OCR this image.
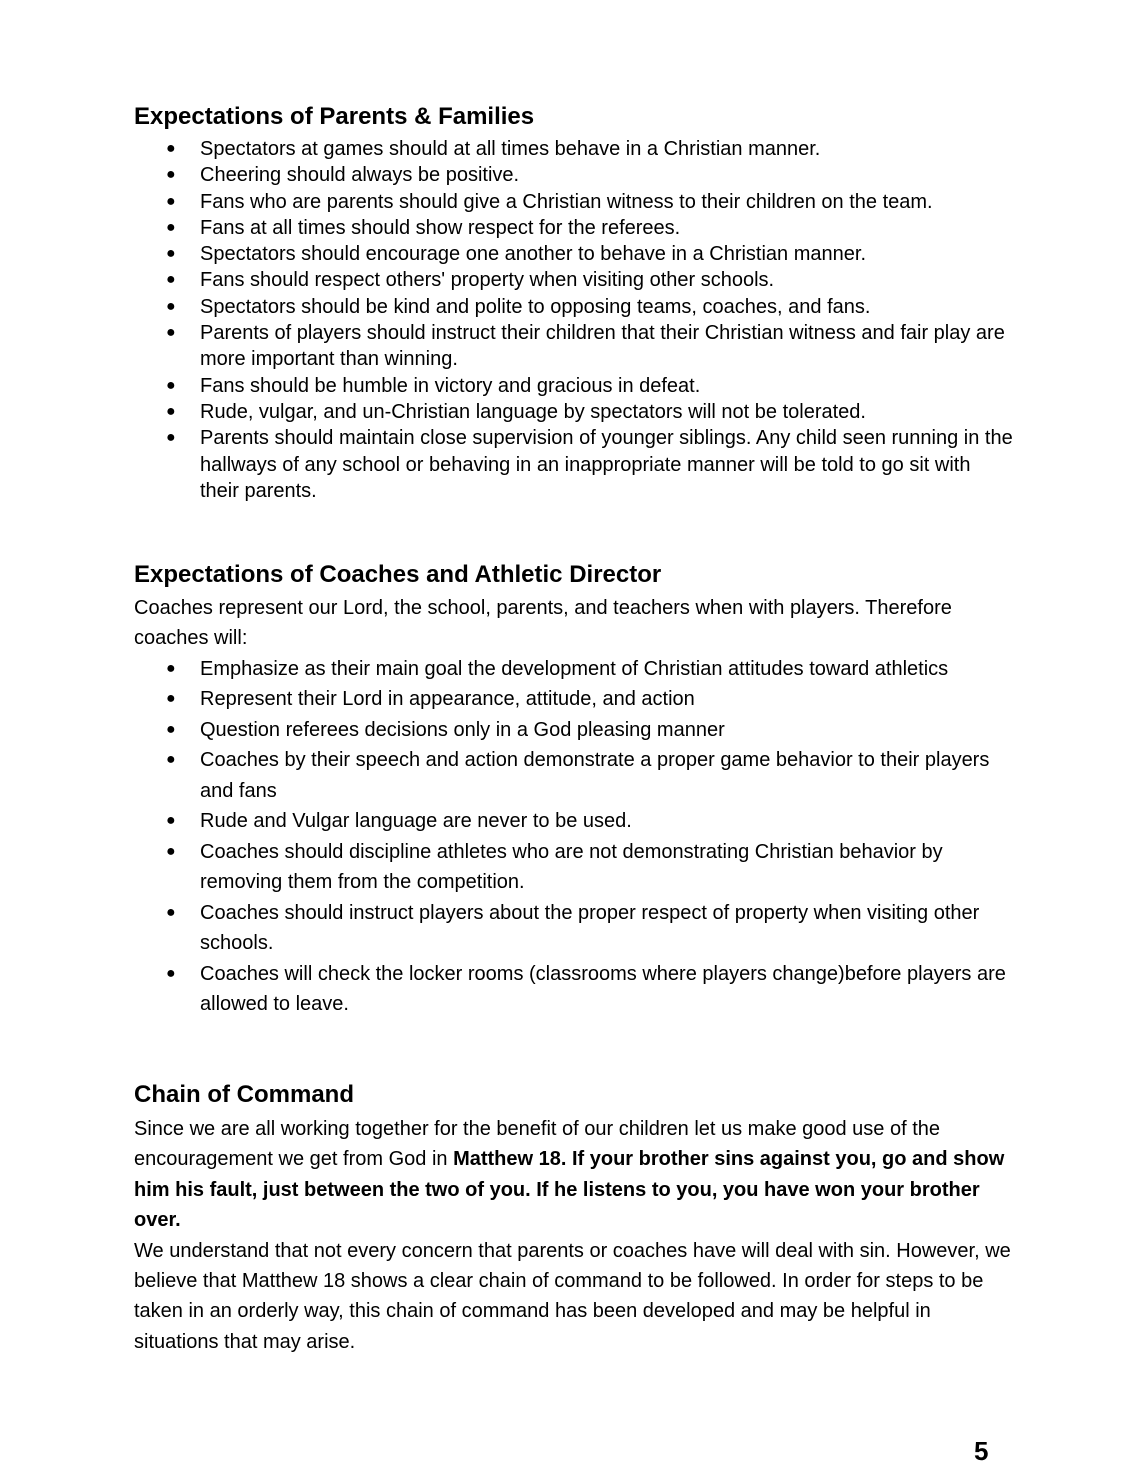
Expectations of Parents & Families
● Spectators at games should at all times behave in a Christian manner.
● Cheering should always be positive.
● Fans who are parents should give a Christian witness to their children on the team.
● Fans at all times should show respect for the referees.
● Spectators should encourage one another to behave in a Christian manner.
● Fans should respect others' property when visiting other schools.
● Spectators should be kind and polite to opposing teams, coaches, and fans.
● Parents of players should instruct their children that their Christian witness and fair play are more important than winning.
● Fans should be humble in victory and gracious in defeat.
● Rude, vulgar, and un-Christian language by spectators will not be tolerated.
● Parents should maintain close supervision of younger siblings. Any child seen running in the hallways of any school or behaving in an inappropriate manner will be told to go sit with their parents.
Expectations of Coaches and Athletic Director

Coaches represent our Lord, the school, parents, and teachers when with players. Therefore coaches will:

● Emphasize as their main goal the development of Christian attitudes toward athletics
● Represent their Lord in appearance, attitude, and action
● Question referees decisions only in a God pleasing manner
● Coaches by their speech and action demonstrate a proper game behavior to their players and fans
● Rude and Vulgar language are never to be used.
● Coaches should discipline athletes who are not demonstrating Christian behavior by removing them from the competition.
● Coaches should instruct players about the proper respect of property when visiting other schools.
● Coaches will check the locker rooms (classrooms where players change)before players are allowed to leave.
Chain of Command

Since we are all working together for the benefit of our children let us make good use of the encouragement we get from God in Matthew 18. If your brother sins against you, go and show him his fault, just between the two of you. If he listens to you, you have won your brother over.

We understand that not every concern that parents or coaches have will deal with sin. However, we believe that Matthew 18 shows a clear chain of command to be followed. In order for steps to be taken in an orderly way, this chain of command has been developed and may be helpful in situations that may arise.

5
